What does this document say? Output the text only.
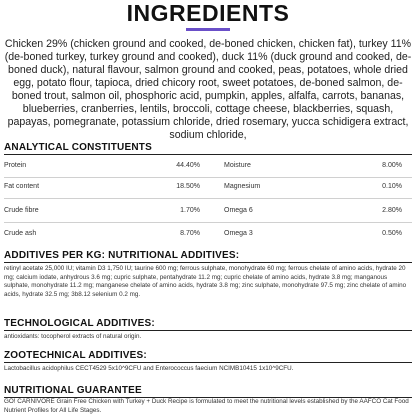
INGREDIENTS
Chicken 29% (chicken ground and cooked, de-boned chicken, chicken fat), turkey 11% (de-boned turkey, turkey ground and cooked), duck 11% (duck ground and cooked, de-boned duck), natural flavour, salmon ground and cooked, peas, potatoes, whole dried egg, potato flour, tapioca, dried chicory root, sweet potatoes, de-boned salmon, de-boned trout, salmon oil, phosphoric acid, pumpkin, apples, alfalfa, carrots, bananas, blueberries, cranberries, lentils, broccoli, cottage cheese, blackberries, squash, papayas, pomegranate, potassium chloride, dried rosemary, yucca schidigera extract, sodium chloride,
ANALYTICAL CONSTITUENTS
Protein	44.40%	Moisture	8.00%
Fat content	18.50%	Magnesium	0.10%
Crude fibre	1.70%	Omega 6	2.80%
Crude ash	8.70%	Omega 3	0.50%
ADDITIVES PER KG: NUTRITIONAL ADDITIVES:
retinyl acetate 25,000 IU; vitamin D3 1,750 IU; taurine 600 mg; ferrous sulphate, monohydrate 60 mg; ferrous chelate of amino acids, hydrate 20 mg; calcium iodate, anhydrous 3.6 mg; cupric sulphate, pentahydrate 11.2 mg; cupric chelate of amino acids, hydrate 3.8 mg; manganous sulphate, monohydrate 11.2 mg; manganese chelate of amino acids, hydrate 3.8 mg; zinc sulphate, monohydrate 97.5 mg; zinc chelate of amino acids, hydrate 32.5 mg; 3b8.12 selenium 0.2 mg.
TECHNOLOGICAL ADDITIVES:
antioxidants: tocopherol extracts of natural origin.
ZOOTECHNICAL ADDITIVES:
Lactobacillus acidophilus CECT4529 5x10^9CFU and Enterococcus faecium NCIMB10415 1x10^9CFU.
NUTRITIONAL GUARANTEE
GO! CARNIVORE Grain Free Chicken with Turkey + Duck Recipe is formulated to meet the nutritional levels established by the AAFCO Cat Food Nutrient Profiles for All Life Stages.
